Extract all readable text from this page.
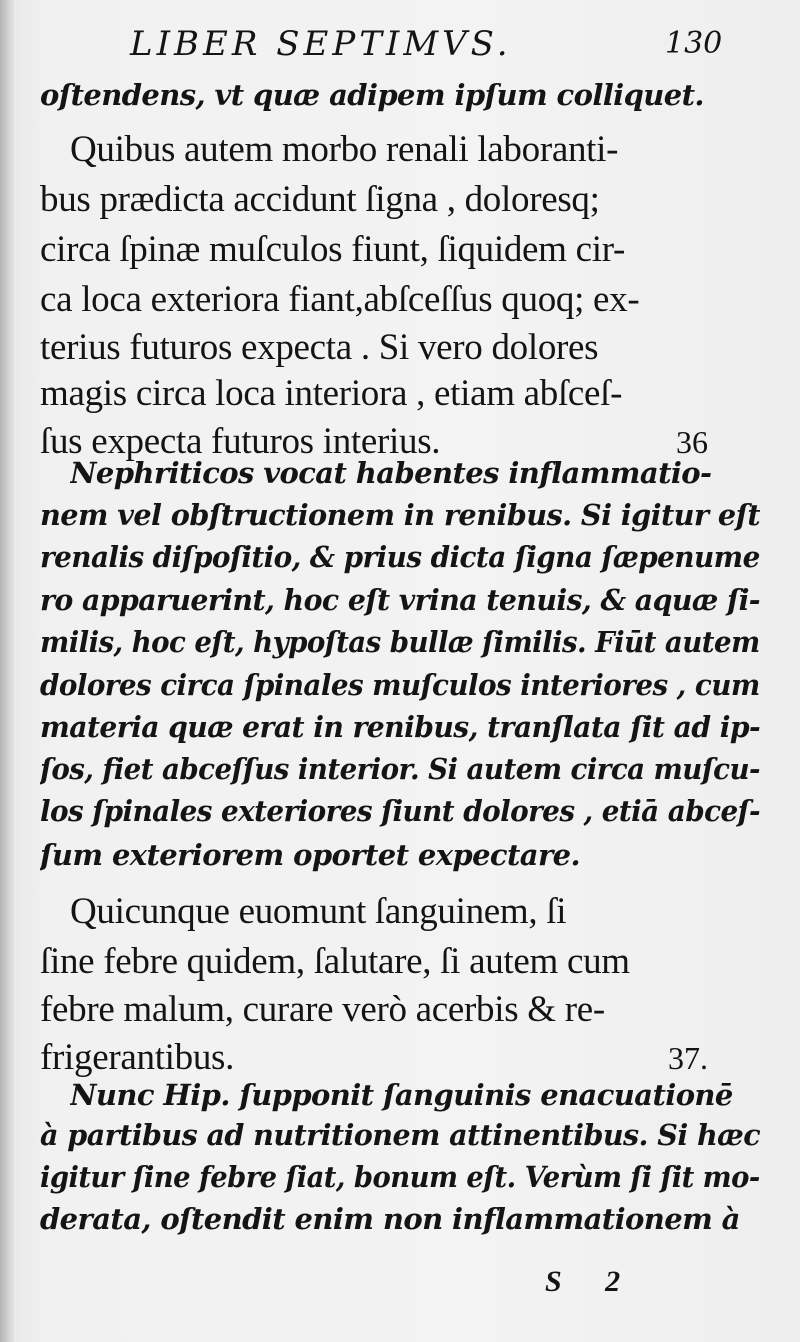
LIBER SEPTIMVS.	130
oſtendens, vt quæ adipem ipſum colliquet.
Quibus autem morbo renali laboranti-
bus prædicta accidunt ſigna , doloresq;
circa ſpinæ muſculos fiunt, ſiquidem cir-
ca loca exteriora fiant,abſceſſus quoq; ex-
terius futuros expecta . Si vero dolores
magis circa loca interiora , etiam abſceſ-
ſus expecta futuros interius.	36
Nephriticos vocat habentes inflammatio-
nem vel obſtructionem in renibus. Si igitur eſt
renalis diſpoſitio, & prius dicta ſigna ſæpenume
ro apparuerint, hoc eſt vrina tenuis, & aquæ ſi-
milis, hoc eſt, hypoſtas bullæ ſimilis. Fiūt autem
dolores circa ſpinales muſculos interiores , cum
materia quæ erat in renibus, tranſlata ſit ad ip-
ſos, fiet abceſſus interior. Si autem circa muſcu-
los ſpinales exteriores ſiunt dolores , etiā abceſ-
ſum exteriorem oportet expectare.
Quicunque euomunt ſanguinem, ſi
ſine febre quidem, ſalutare, ſi autem cum
febre malum, curare verò acerbis & re-
frigerantibus.	37.
Nunc Hip. ſupponit ſanguinis enacuationē
à partibus ad nutritionem attinentibus. Si hæc
igitur ſine febre ſiat, bonum eſt. Verùm ſi ſit mo-
derata, oſtendit enim non inflammationem à
S 2
